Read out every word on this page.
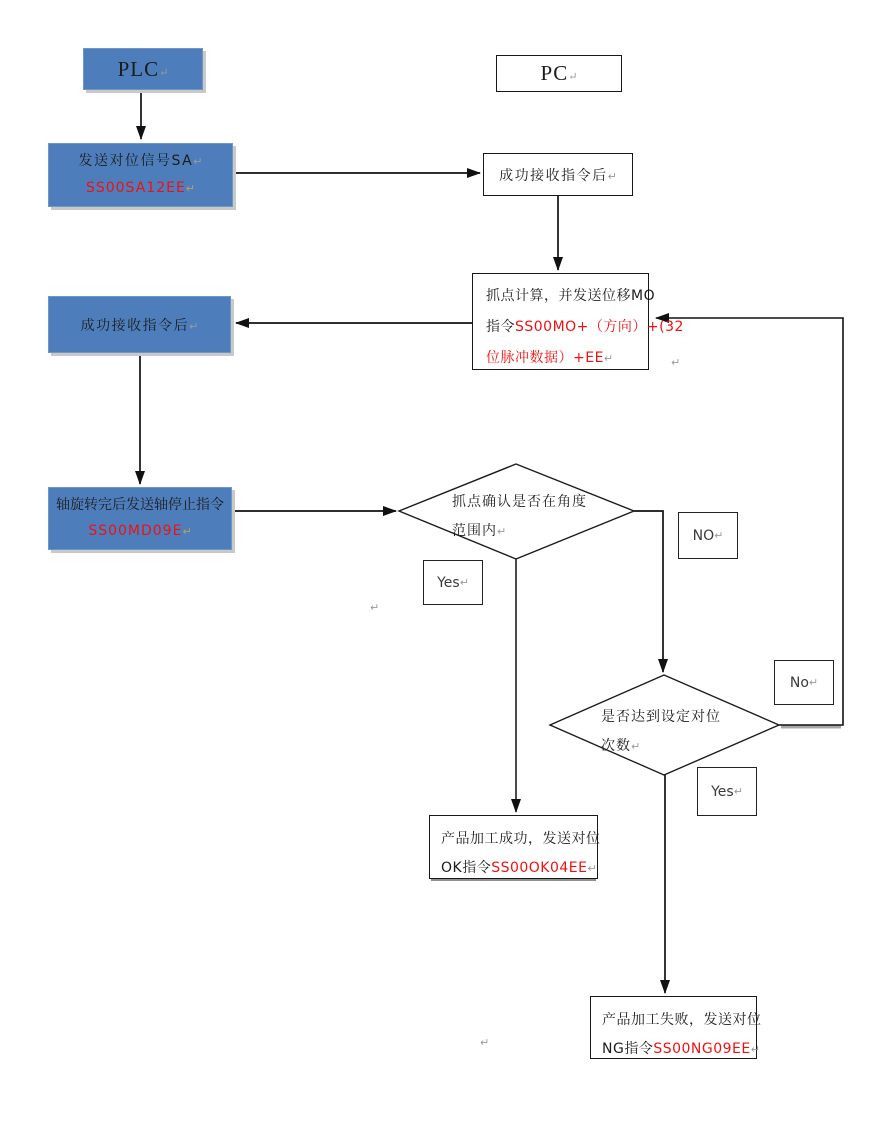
PLC↵	PC↵
发送对位信号SA↵
SS00SA12EE↵
成功接收指令后↵
抓点计算，并发送位移MO
指令SS00MO+（方向）+(32
位脉冲数据）+EE↵
成功接收指令后↵
轴旋转完后发送轴停止指令
SS00MD09E↵
抓点确认是否在角度
范围内↵	NO ↵
Yes ↵
是否达到设定对位
次数↵
No ↵
Yes ↵
产品加工成功，发送对位
OK指令SS00OK04EE↵
产品加工失败，发送对位
NG指令SS00NG09EE↵
↵
↵
↵
